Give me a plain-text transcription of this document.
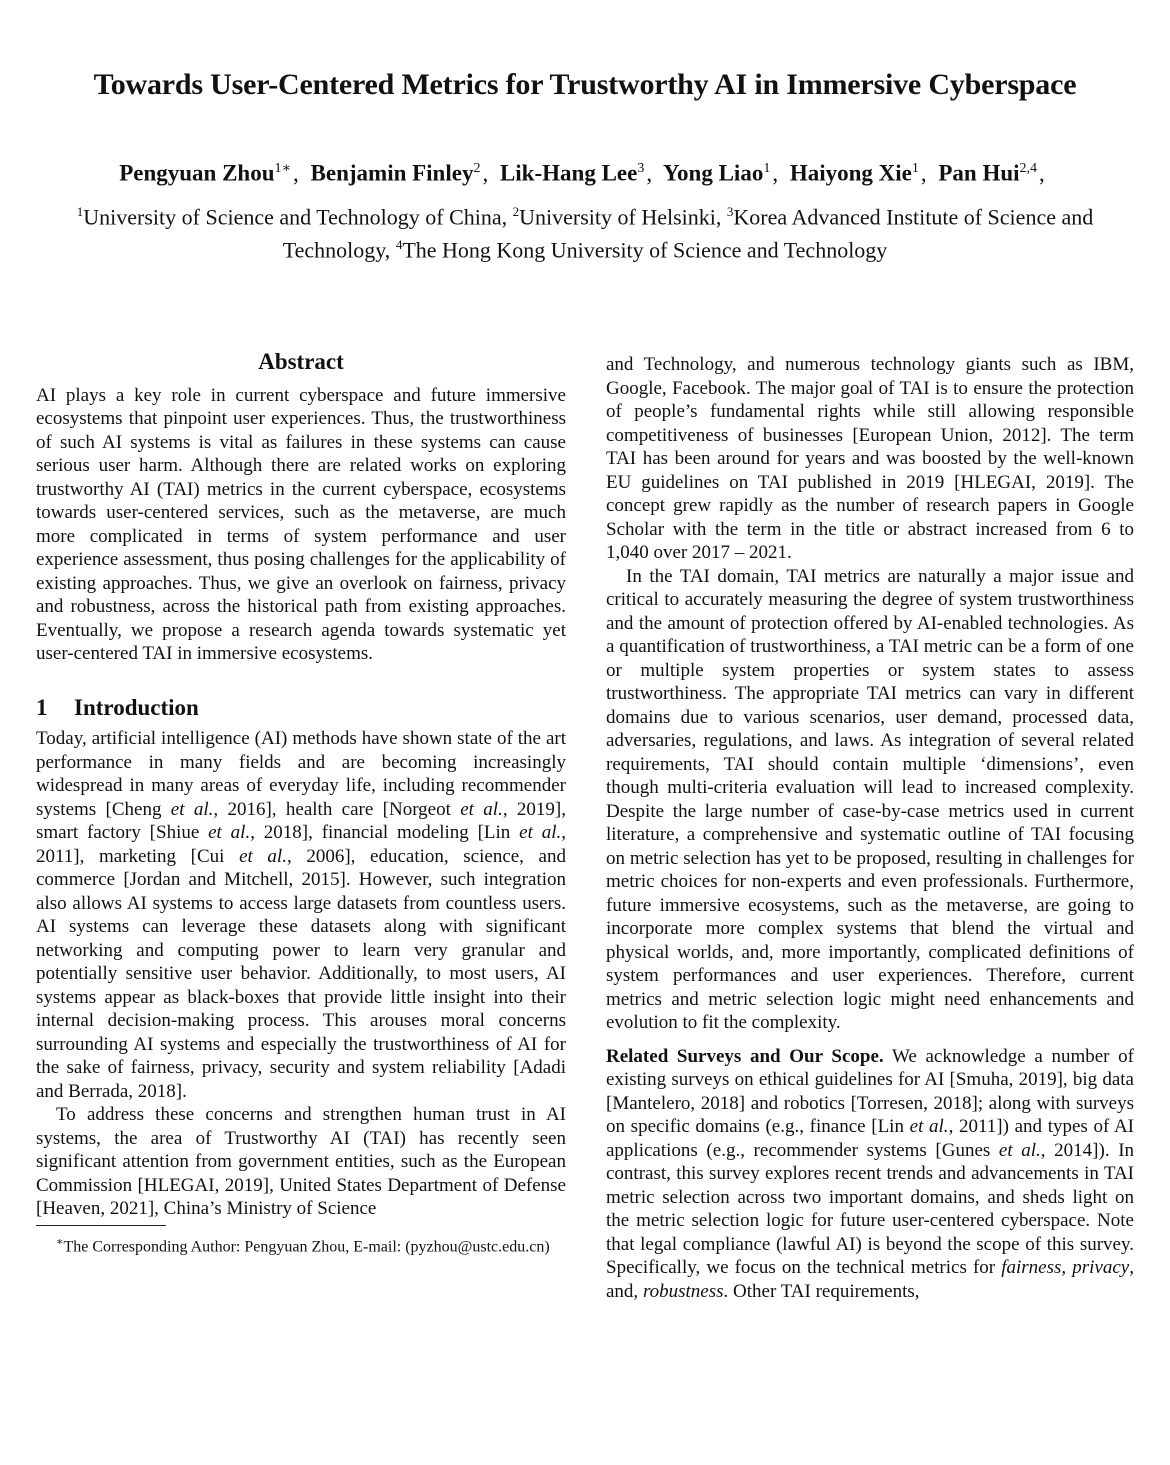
Towards User-Centered Metrics for Trustworthy AI in Immersive Cyberspace
Pengyuan Zhou$^{1∗}$, Benjamin Finley$^2$, Lik-Hang Lee$^3$, Yong Liao$^1$, Haiyong Xie$^1$, Pan Hui$^{2,4}$,
$^1$University of Science and Technology of China, $^2$University of Helsinki, $^3$Korea Advanced Institute of Science and Technology, $^4$The Hong Kong University of Science and Technology
Abstract

AI plays a key role in current cyberspace and future immersive ecosystems that pinpoint user experiences. Thus, the trustworthiness of such AI systems is vital as failures in these systems can cause serious user harm. Although there are related works on exploring trustworthy AI (TAI) metrics in the current cyberspace, ecosystems towards user-centered services, such as the metaverse, are much more complicated in terms of system performance and user experience assessment, thus posing challenges for the applicability of existing approaches. Thus, we give an overlook on fairness, privacy and robustness, across the historical path from existing approaches. Eventually, we propose a research agenda towards systematic yet user-centered TAI in immersive ecosystems.

1 Introduction

Today, artificial intelligence (AI) methods have shown state of the art performance in many fields and are becoming increasingly widespread in many areas of everyday life, including recommender systems [Cheng et al., 2016], health care [Norgeot et al., 2019], smart factory [Shiue et al., 2018], financial modeling [Lin et al., 2011], marketing [Cui et al., 2006], education, science, and commerce [Jordan and Mitchell, 2015]. However, such integration also allows AI systems to access large datasets from countless users. AI systems can leverage these datasets along with significant networking and computing power to learn very granular and potentially sensitive user behavior. Additionally, to most users, AI systems appear as black-boxes that provide little insight into their internal decision-making process. This arouses moral concerns surrounding AI systems and especially the trustworthiness of AI for the sake of fairness, privacy, security and system reliability [Adadi and Berrada, 2018].

To address these concerns and strengthen human trust in AI systems, the area of Trustworthy AI (TAI) has recently seen significant attention from government entities, such as the European Commission [HLEGAI, 2019], United States Department of Defense [Heaven, 2021], China’s Ministry of Science

∗The Corresponding Author: Pengyuan Zhou, E-mail: (pyzhou@ustc.edu.cn)

and Technology, and numerous technology giants such as IBM, Google, Facebook. The major goal of TAI is to ensure the protection of people’s fundamental rights while still allowing responsible competitiveness of businesses [European Union, 2012]. The term TAI has been around for years and was boosted by the well-known EU guidelines on TAI published in 2019 [HLEGAI, 2019]. The concept grew rapidly as the number of research papers in Google Scholar with the term in the title or abstract increased from 6 to 1,040 over 2017 – 2021.

In the TAI domain, TAI metrics are naturally a major issue and critical to accurately measuring the degree of system trustworthiness and the amount of protection offered by AI-enabled technologies. As a quantification of trustworthiness, a TAI metric can be a form of one or multiple system properties or system states to assess trustworthiness. The appropriate TAI metrics can vary in different domains due to various scenarios, user demand, processed data, adversaries, regulations, and laws. As integration of several related requirements, TAI should contain multiple ‘dimensions’, even though multi-criteria evaluation will lead to increased complexity. Despite the large number of case-by-case metrics used in current literature, a comprehensive and systematic outline of TAI focusing on metric selection has yet to be proposed, resulting in challenges for metric choices for non-experts and even professionals. Furthermore, future immersive ecosystems, such as the metaverse, are going to incorporate more complex systems that blend the virtual and physical worlds, and, more importantly, complicated definitions of system performances and user experiences. Therefore, current metrics and metric selection logic might need enhancements and evolution to fit the complexity.

Related Surveys and Our Scope. We acknowledge a number of existing surveys on ethical guidelines for AI [Smuha, 2019], big data [Mantelero, 2018] and robotics [Torresen, 2018]; along with surveys on specific domains (e.g., finance [Lin et al., 2011]) and types of AI applications (e.g., recommender systems [Gunes et al., 2014]). In contrast, this survey explores recent trends and advancements in TAI metric selection across two important domains, and sheds light on the metric selection logic for future user-centered cyberspace. Note that legal compliance (lawful AI) is beyond the scope of this survey. Specifically, we focus on the technical metrics for fairness, privacy, and, robustness. Other TAI requirements,
